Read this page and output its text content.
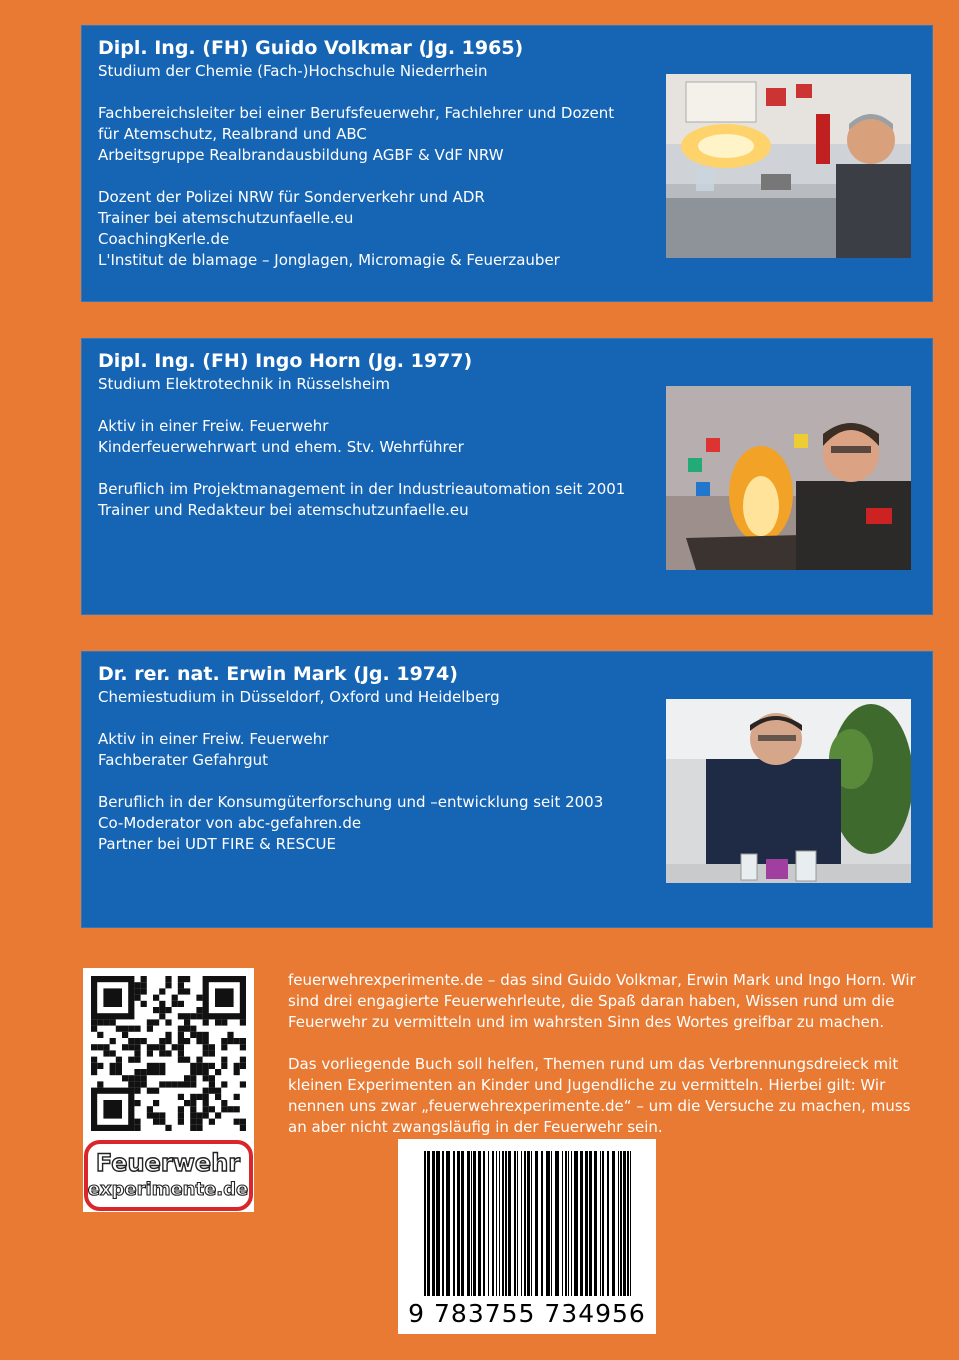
Dipl. Ing. (FH) Guido Volkmar (Jg. 1965)
Studium der Chemie (Fach-)Hochschule Niederrhein
Fachbereichsleiter bei einer Berufsfeuerwehr, Fachlehrer und Dozent
für Atemschutz, Realbrand und ABC
Arbeitsgruppe Realbrandausbildung AGBF & VdF NRW
Dozent der Polizei NRW für Sonderverkehr und ADR
Trainer bei atemschutzunfaelle.eu
CoachingKerle.de
L'Institut de blamage – Jonglagen, Micromagie & Feuerzauber
Dipl. Ing. (FH) Ingo Horn (Jg. 1977)
Studium Elektrotechnik in Rüsselsheim
Aktiv in einer Freiw. Feuerwehr
Kinderfeuerwehrwart und ehem. Stv. Wehrführer
Beruflich im Projektmanagement in der Industrieautomation seit 2001
Trainer und Redakteur bei atemschutzunfaelle.eu
Dr. rer. nat. Erwin Mark (Jg. 1974)
Chemiestudium in Düsseldorf, Oxford und Heidelberg
Aktiv in einer Freiw. Feuerwehr
Fachberater Gefahrgut
Beruflich in der Konsumgüterforschung und –entwicklung seit 2003
Co-Moderator von abc-gefahren.de
Partner bei UDT FIRE & RESCUE
Feuerwehr
experimente.de

feuerwehrexperimente.de – das sind Guido Volkmar, Erwin Mark und Ingo Horn. Wir sind drei engagierte Feuerwehrleute, die Spaß daran haben, Wissen rund um die Feuerwehr zu vermitteln und im wahrsten Sinn des Wortes greifbar zu machen.

Das vorliegende Buch soll helfen, Themen rund um das Verbrennungsdreieck mit kleinen Experimenten an Kinder und Jugendliche zu vermitteln. Hierbei gilt: Wir nennen uns zwar „feuerwehrexperimente.de“ – um die Versuche zu machen, muss an aber nicht zwangsläufig in der Feuerwehr sein.

9 783755 734956
